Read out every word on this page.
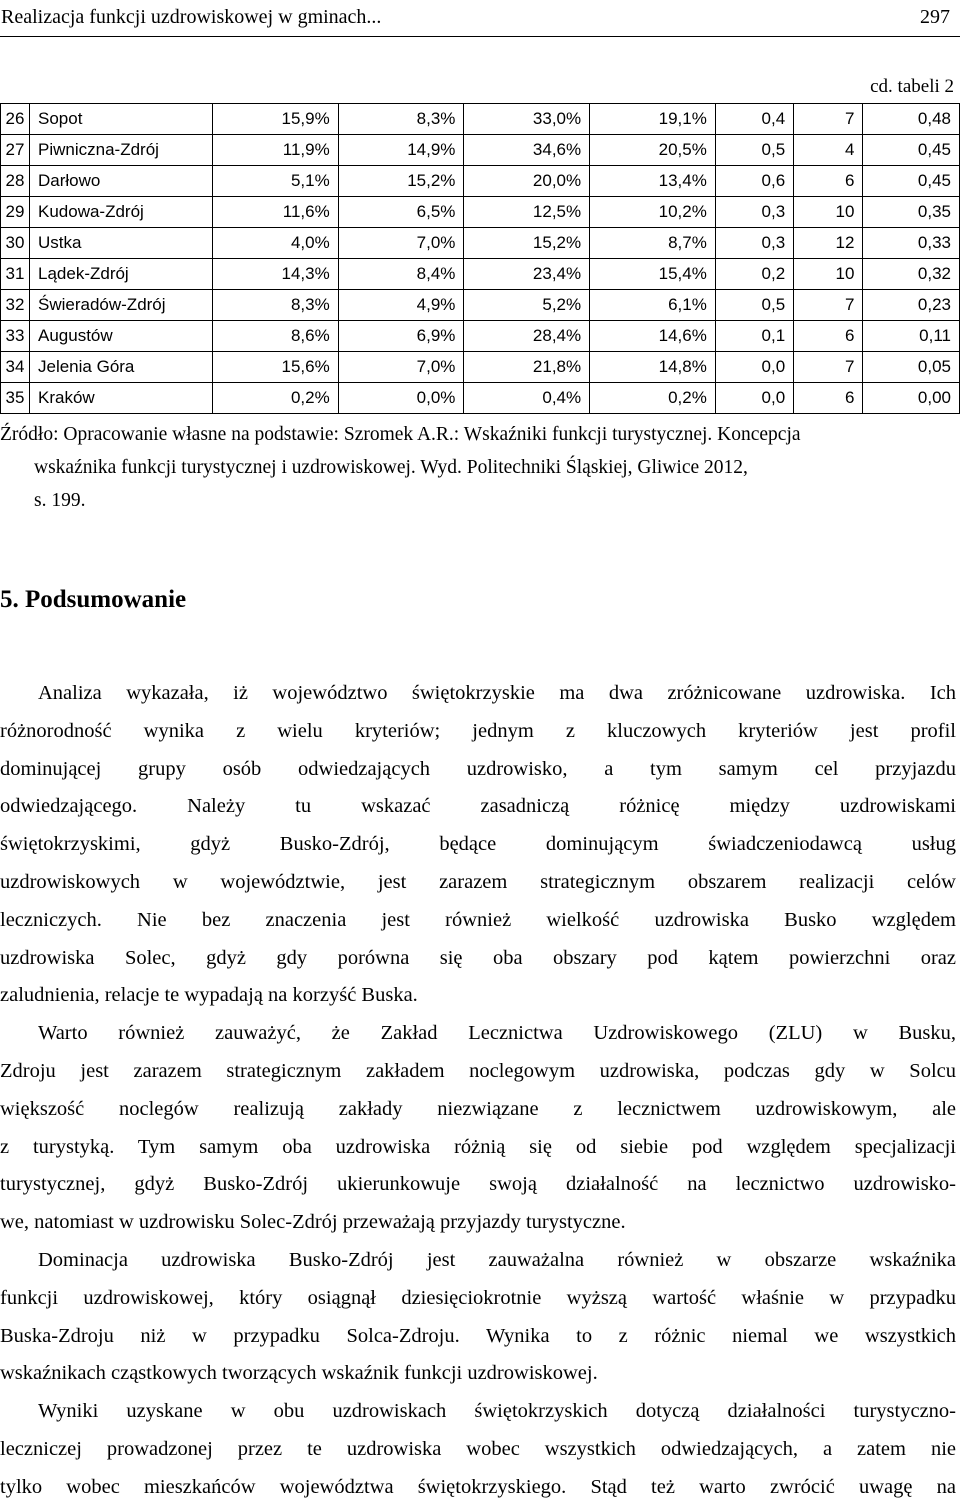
Realizacja funkcji uzdrowiskowej w gminach...	297
cd. tabeli 2
26	Sopot	15,9%	8,3%	33,0%	19,1%	0,4	7	0,48
27	Piwniczna-Zdrój	11,9%	14,9%	34,6%	20,5%	0,5	4	0,45
28	Darłowo	5,1%	15,2%	20,0%	13,4%	0,6	6	0,45
29	Kudowa-Zdrój	11,6%	6,5%	12,5%	10,2%	0,3	10	0,35
30	Ustka	4,0%	7,0%	15,2%	8,7%	0,3	12	0,33
31	Lądek-Zdrój	14,3%	8,4%	23,4%	15,4%	0,2	10	0,32
32	Świeradów-Zdrój	8,3%	4,9%	5,2%	6,1%	0,5	7	0,23
33	Augustów	8,6%	6,9%	28,4%	14,6%	0,1	6	0,11
34	Jelenia Góra	15,6%	7,0%	21,8%	14,8%	0,0	7	0,05
35	Kraków	0,2%	0,0%	0,4%	0,2%	0,0	6	0,00
Źródło: Opracowanie własne na podstawie: Szromek A.R.: Wskaźniki funkcji turystycznej. Koncepcja
wskaźnika funkcji turystycznej i uzdrowiskowej. Wyd. Politechniki Śląskiej, Gliwice 2012,
s. 199.
5. Podsumowanie
Analiza wykazała, iż województwo świętokrzyskie ma dwa zróżnicowane uzdrowiska. Ich
różnorodność wynika z wielu kryteriów; jednym z kluczowych kryteriów jest profil
dominującej grupy osób odwiedzających uzdrowisko, a tym samym cel przyjazdu
odwiedzającego. Należy tu wskazać zasadniczą różnicę między uzdrowiskami
świętokrzyskimi, gdyż Busko-Zdrój, będące dominującym świadczeniodawcą usług
uzdrowiskowych w województwie, jest zarazem strategicznym obszarem realizacji celów
leczniczych. Nie bez znaczenia jest również wielkość uzdrowiska Busko względem
uzdrowiska Solec, gdyż gdy porówna się oba obszary pod kątem powierzchni oraz
zaludnienia, relacje te wypadają na korzyść Buska.
Warto również zauważyć, że Zakład Lecznictwa Uzdrowiskowego (ZLU) w Busku,
Zdroju jest zarazem strategicznym zakładem noclegowym uzdrowiska, podczas gdy w Solcu
większość noclegów realizują zakłady niezwiązane z lecznictwem uzdrowiskowym, ale
z turystyką. Tym samym oba uzdrowiska różnią się od siebie pod względem specjalizacji
turystycznej, gdyż Busko-Zdrój ukierunkowuje swoją działalność na lecznictwo uzdrowisko-
we, natomiast w uzdrowisku Solec-Zdrój przeważają przyjazdy turystyczne.
Dominacja uzdrowiska Busko-Zdrój jest zauważalna również w obszarze wskaźnika
funkcji uzdrowiskowej, który osiągnął dziesięciokrotnie wyższą wartość właśnie w przypadku
Buska-Zdroju niż w przypadku Solca-Zdroju. Wynika to z różnic niemal we wszystkich
wskaźnikach cząstkowych tworzących wskaźnik funkcji uzdrowiskowej.
Wyniki uzyskane w obu uzdrowiskach świętokrzyskich dotyczą działalności turystyczno-
leczniczej prowadzonej przez te uzdrowiska wobec wszystkich odwiedzających, a zatem nie
tylko wobec mieszkańców województwa świętokrzyskiego. Stąd też warto zwrócić uwagę na
